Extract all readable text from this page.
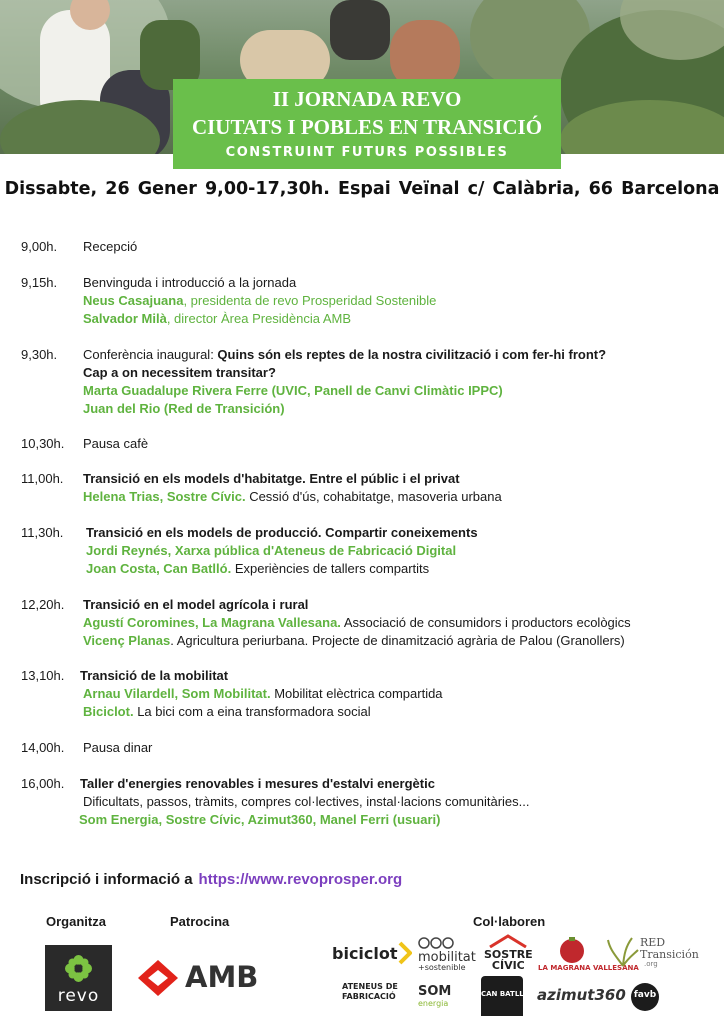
II JORNADA REVO
CIUTATS I POBLES EN TRANSICIÓ
CONSTRUINT FUTURS POSSIBLES
Dissabte, 26 Gener 9,00-17,30h. Espai Veïnal c/ Calàbria, 66 Barcelona
9,00h. Recepció
9,15h. Benvinguda i introducció a la jornada
Neus Casajuana, presidenta de revo Prosperidad Sostenible
Salvador Milà, director Àrea Presidència AMB
9,30h. Conferència inaugural: Quins són els reptes de la nostra civilització i com fer-hi front?
Cap a on necessitem transitar?
Marta Guadalupe Rivera Ferre (UVIC, Panell de Canvi Climàtic IPPC)
Juan del Rio (Red de Transición)
10,30h. Pausa cafè
11,00h. Transició en els models d'habitatge. Entre el públic i el privat
Helena Trias, Sostre Cívic. Cessió d'ús, cohabitatge, masoveria urbana
11,30h. Transició en els models de producció. Compartir coneixements
Jordi Reynés, Xarxa pública d'Ateneus de Fabricació Digital
Joan Costa, Can Batlló. Experiències de tallers compartits
12,20h. Transició en el model agrícola i rural
Agustí Coromines, La Magrana Vallesana. Associació de consumidors i productors ecològics
Vicenç Planas. Agricultura periurbana. Projecte de dinamització agrària de Palou (Granollers)
13,10h. Transició de la mobilitat
Arnau Vilardell, Som Mobilitat. Mobilitat elèctrica compartida
Biciclot. La bici com a eina transformadora social
14,00h. Pausa dinar
16,00h. Taller d'energies renovables i mesures d'estalvi energètic
Dificultats, passos, tràmits, compres col·lectives, instal·lacions comunitàries...
Som Energia, Sostre Cívic, Azimut360, Manel Ferri (usuari)
Inscripció i informació a https://www.revoprosper.org
Organitza	Patrocina	Col·laboren
revo
AMB
biciclot mobilitat
+sostenible
SOSTRE
CÍVIC	LA MAGRANA VALLESANA
RED
Transición
.org
ATENEUS DE
FABRICACIÓ SOM
energia
CAN BATLLÓ azimut360 favb
